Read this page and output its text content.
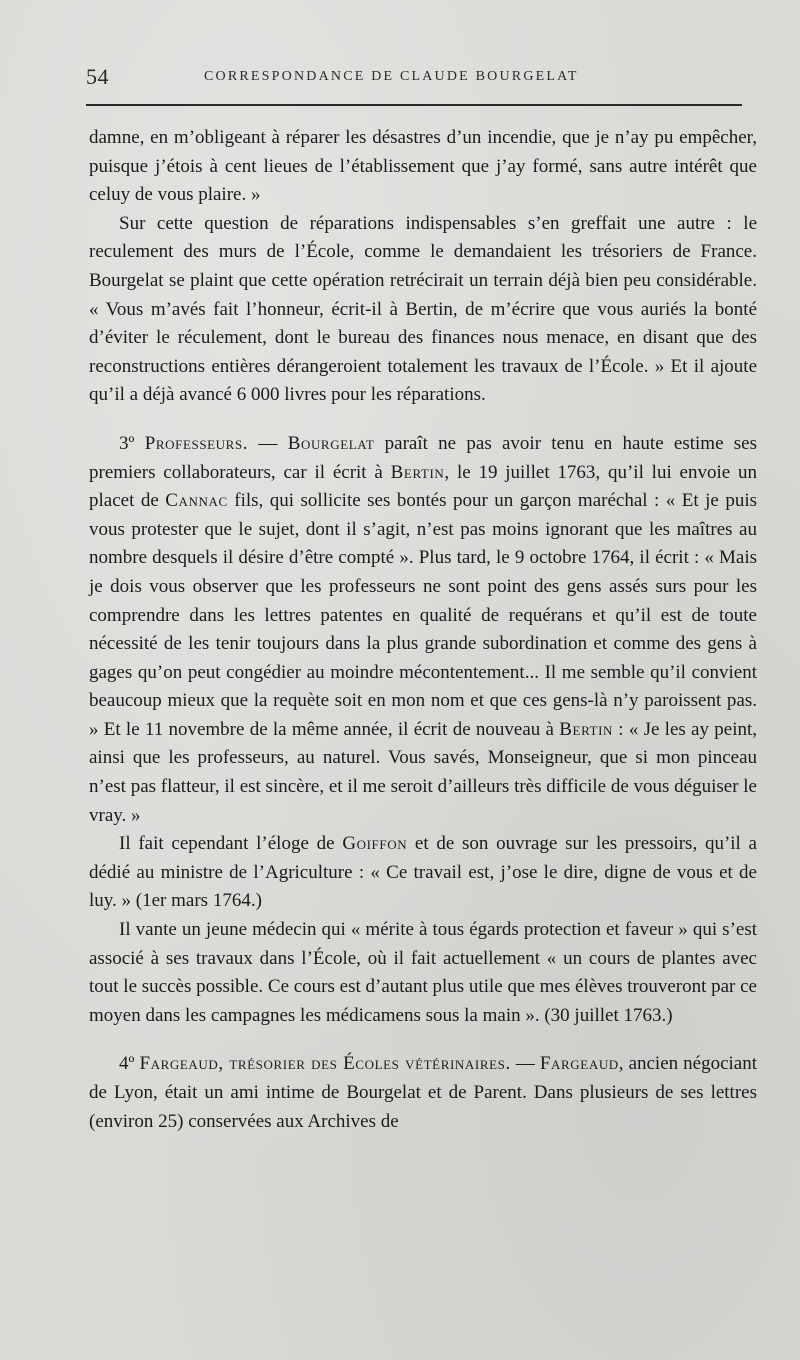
54	CORRESPONDANCE DE CLAUDE BOURGELAT

damne, en m’obligeant à réparer les désastres d’un incendie, que je n’ay pu empêcher, puisque j’étois à cent lieues de l’établissement que j’ay formé, sans autre intérêt que celuy de vous plaire. »

Sur cette question de réparations indispensables s’en greffait une autre : le reculement des murs de l’École, comme le demandaient les trésoriers de France. Bourgelat se plaint que cette opération retrécirait un terrain déjà bien peu considérable. « Vous m’avés fait l’honneur, écrit-il à Bertin, de m’écrire que vous auriés la bonté d’éviter le réculement, dont le bureau des finances nous menace, en disant que des reconstructions entières dérangeroient totalement les travaux de l’École. » Et il ajoute qu’il a déjà avancé 6 000 livres pour les réparations.

3º Professeurs. — Bourgelat paraît ne pas avoir tenu en haute estime ses premiers collaborateurs, car il écrit à Bertin, le 19 juillet 1763, qu’il lui envoie un placet de Cannac fils, qui sollicite ses bontés pour un garçon maréchal : « Et je puis vous protester que le sujet, dont il s’agit, n’est pas moins ignorant que les maîtres au nombre desquels il désire d’être compté ». Plus tard, le 9 octobre 1764, il écrit : « Mais je dois vous observer que les professeurs ne sont point des gens assés surs pour les comprendre dans les lettres patentes en qualité de requérans et qu’il est de toute nécessité de les tenir toujours dans la plus grande subordination et comme des gens à gages qu’on peut congédier au moindre mécontentement... Il me semble qu’il convient beaucoup mieux que la requète soit en mon nom et que ces gens-là n’y paroissent pas. » Et le 11 novembre de la même année, il écrit de nouveau à Bertin : « Je les ay peint, ainsi que les professeurs, au naturel. Vous savés, Monseigneur, que si mon pinceau n’est pas flatteur, il est sincère, et il me seroit d’ailleurs très difficile de vous déguiser le vray. »

Il fait cependant l’éloge de Goiffon et de son ouvrage sur les pressoirs, qu’il a dédié au ministre de l’Agriculture : « Ce travail est, j’ose le dire, digne de vous et de luy. » (1er mars 1764.)

Il vante un jeune médecin qui « mérite à tous égards protection et faveur » qui s’est associé à ses travaux dans l’École, où il fait actuellement « un cours de plantes avec tout le succès possible. Ce cours est d’autant plus utile que mes élèves trouveront par ce moyen dans les campagnes les médicamens sous la main ». (30 juillet 1763.)

4º Fargeaud, trésorier des Écoles vétérinaires. — Fargeaud, ancien négociant de Lyon, était un ami intime de Bourgelat et de Parent. Dans plusieurs de ses lettres (environ 25) conservées aux Archives de
